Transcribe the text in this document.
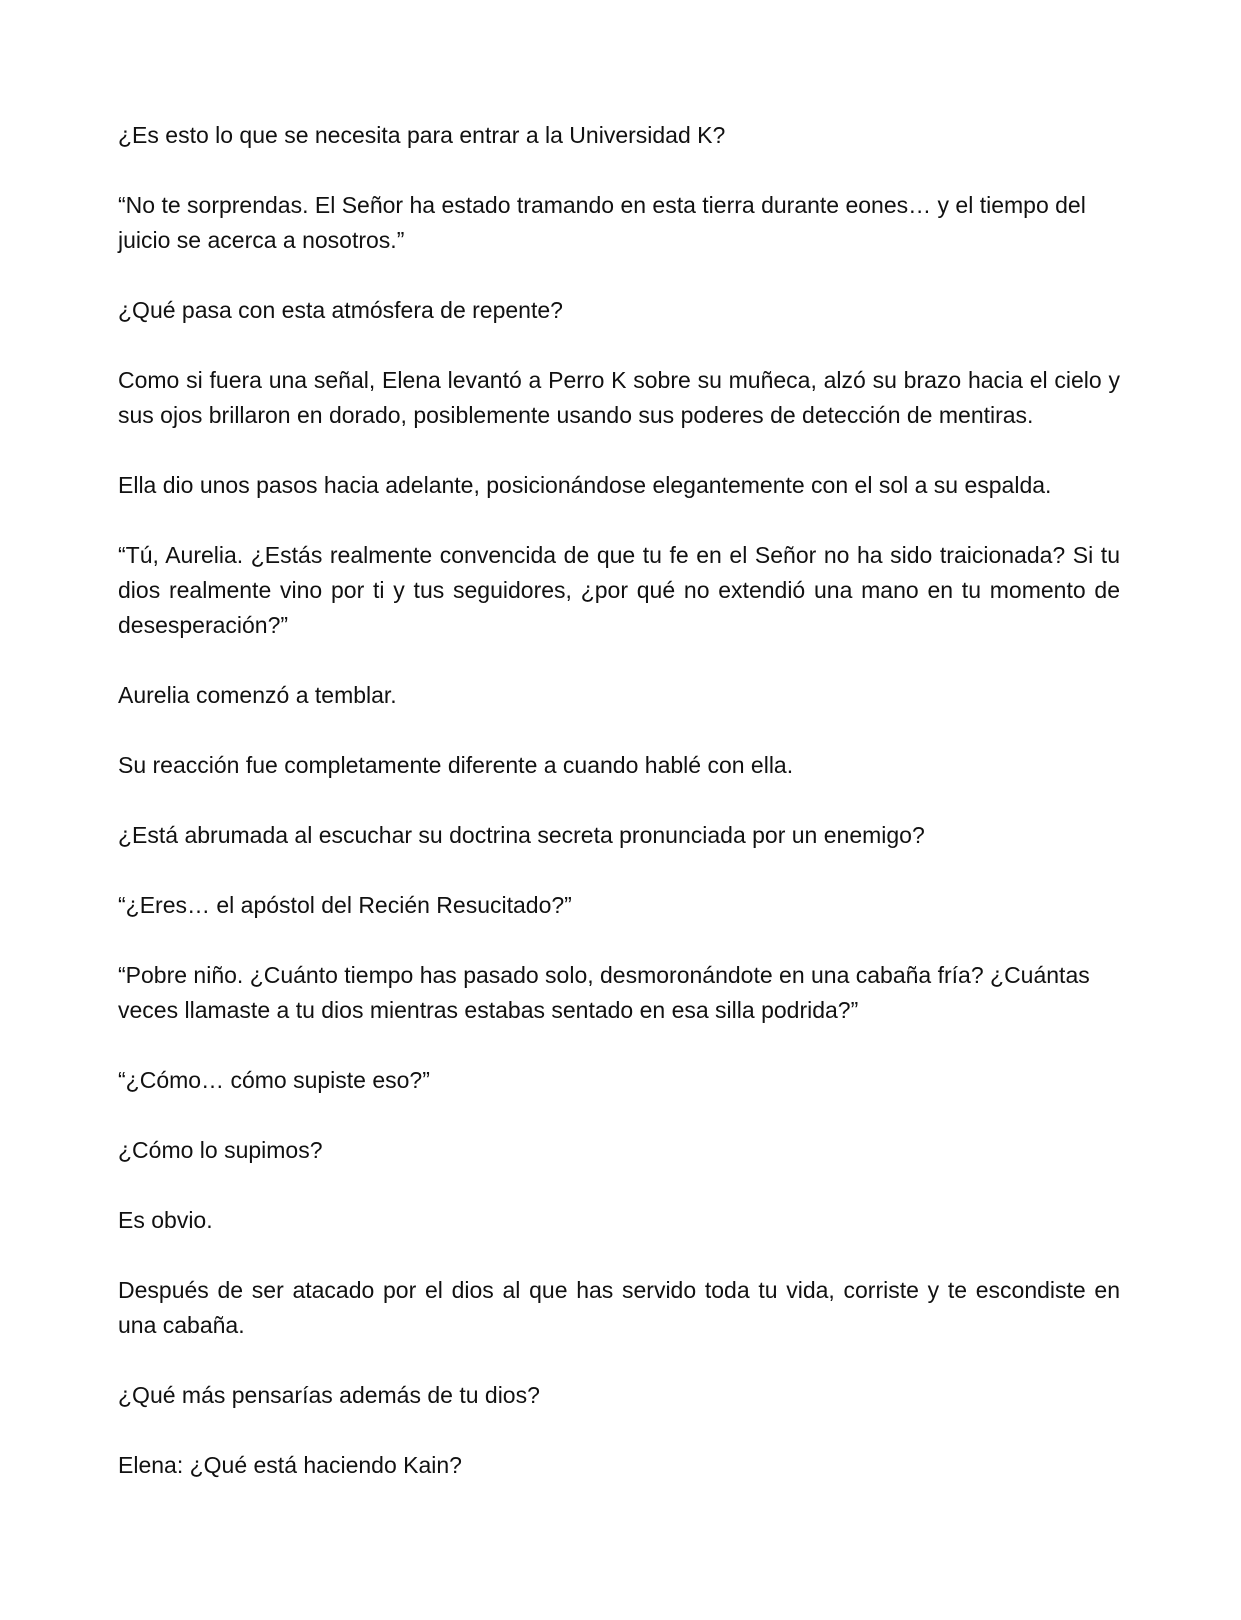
¿Es esto lo que se necesita para entrar a la Universidad K?

“No te sorprendas. El Señor ha estado tramando en esta tierra durante eones… y el tiempo del juicio se acerca a nosotros.”

¿Qué pasa con esta atmósfera de repente?

Como si fuera una señal, Elena levantó a Perro K sobre su muñeca, alzó su brazo hacia el cielo y sus ojos brillaron en dorado, posiblemente usando sus poderes de detección de mentiras.

Ella dio unos pasos hacia adelante, posicionándose elegantemente con el sol a su espalda.

“Tú, Aurelia. ¿Estás realmente convencida de que tu fe en el Señor no ha sido traicionada? Si tu dios realmente vino por ti y tus seguidores, ¿por qué no extendió una mano en tu momento de desesperación?”

Aurelia comenzó a temblar.

Su reacción fue completamente diferente a cuando hablé con ella.

¿Está abrumada al escuchar su doctrina secreta pronunciada por un enemigo?

“¿Eres… el apóstol del Recién Resucitado?”

“Pobre niño. ¿Cuánto tiempo has pasado solo, desmoronándote en una cabaña fría? ¿Cuántas veces llamaste a tu dios mientras estabas sentado en esa silla podrida?”

“¿Cómo… cómo supiste eso?”

¿Cómo lo supimos?

Es obvio.

Después de ser atacado por el dios al que has servido toda tu vida, corriste y te escondiste en una cabaña.

¿Qué más pensarías además de tu dios?

Elena: ¿Qué está haciendo Kain?
